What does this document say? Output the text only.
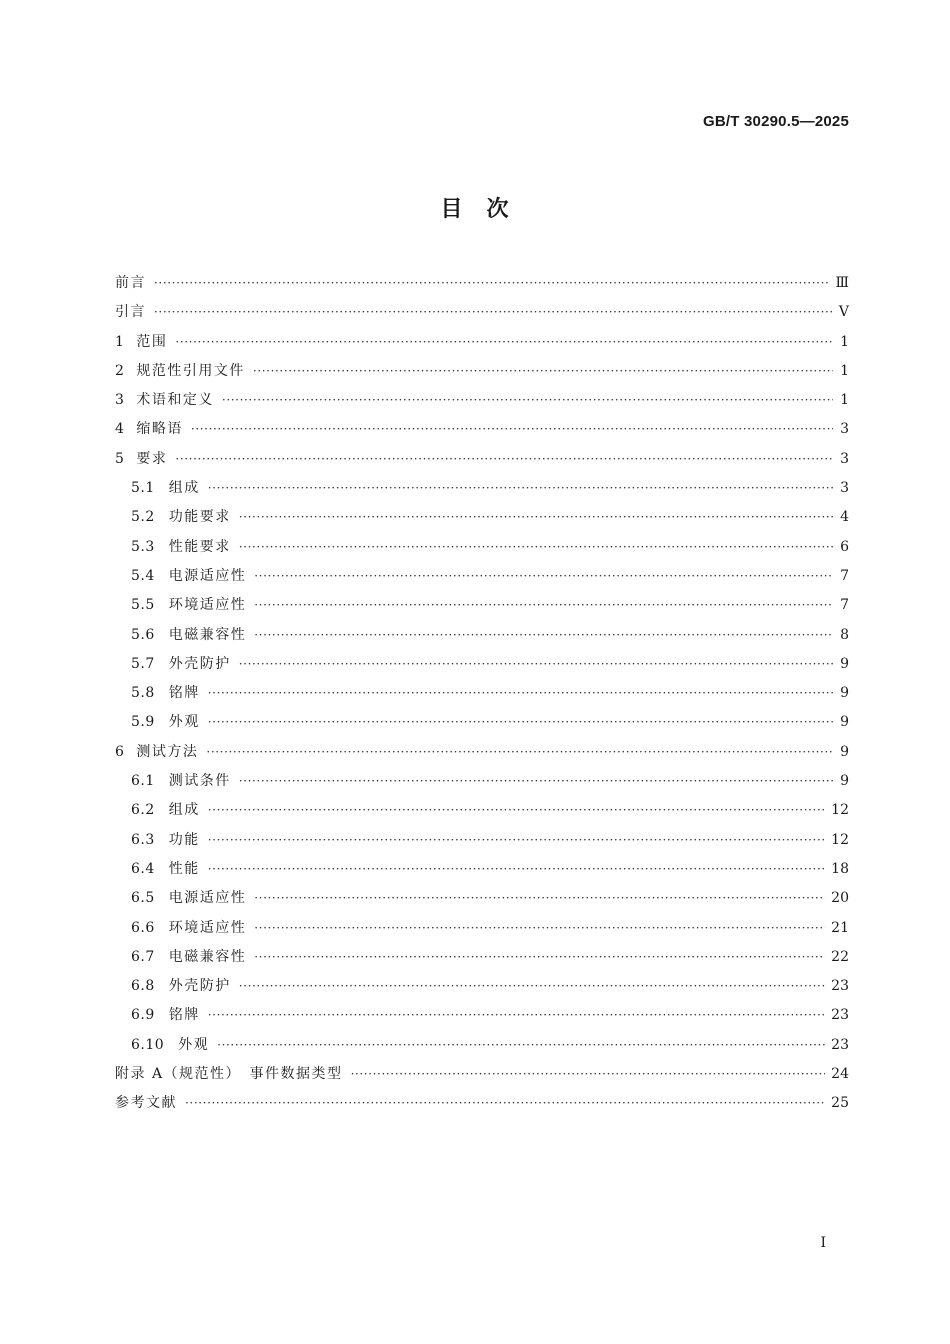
GB/T 30290.5—2025
目　次
前言 ·····	Ⅲ
引言 ·····	Ⅴ
1 范围 ·····	1
2 规范性引用文件 ·····	1
3 术语和定义 ·····	1
4 缩略语 ·····	3
5 要求 ·····	3
5.1 组成 ·····	3
5.2 功能要求 ·····	4
5.3 性能要求 ·····	6
5.4 电源适应性 ·····	7
5.5 环境适应性 ·····	7
5.6 电磁兼容性 ·····	8
5.7 外壳防护 ·····	9
5.8 铭牌 ·····	9
5.9 外观 ·····	9
6 测试方法 ·····	9
6.1 测试条件 ·····	9
6.2 组成 ·····	12
6.3 功能 ·····	12
6.4 性能 ·····	18
6.5 电源适应性 ·····	20
6.6 环境适应性 ·····	21
6.7 电磁兼容性 ·····	22
6.8 外壳防护 ·····	23
6.9 铭牌 ·····	23
6.10 外观 ·····	23
附录 A（规范性）　事件数据类型 ·····	24
参考文献 ·····	25
Ⅰ
